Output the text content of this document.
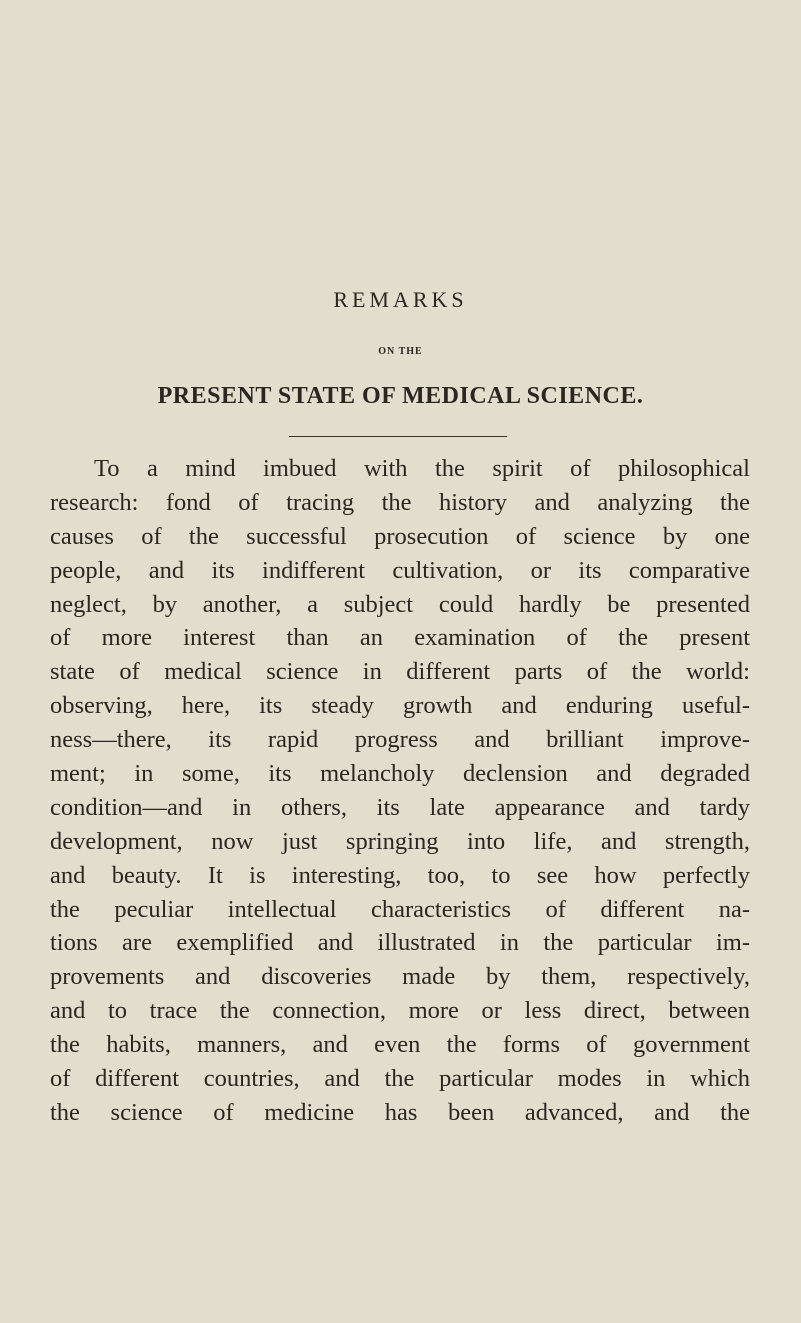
REMARKS
ON THE
PRESENT STATE OF MEDICAL SCIENCE.
To a mind imbued with the spirit of philosophical
research: fond of tracing the history and analyzing the
causes of the successful prosecution of science by one
people, and its indifferent cultivation, or its comparative
neglect, by another, a subject could hardly be presented
of more interest than an examination of the present
state of medical science in different parts of the world:
observing, here, its steady growth and enduring useful-
ness—there, its rapid progress and brilliant improve-
ment; in some, its melancholy declension and degraded
condition—and in others, its late appearance and tardy
development, now just springing into life, and strength,
and beauty. It is interesting, too, to see how perfectly
the peculiar intellectual characteristics of different na-
tions are exemplified and illustrated in the particular im-
provements and discoveries made by them, respectively,
and to trace the connection, more or less direct, between
the habits, manners, and even the forms of government
of different countries, and the particular modes in which
the science of medicine has been advanced, and the
